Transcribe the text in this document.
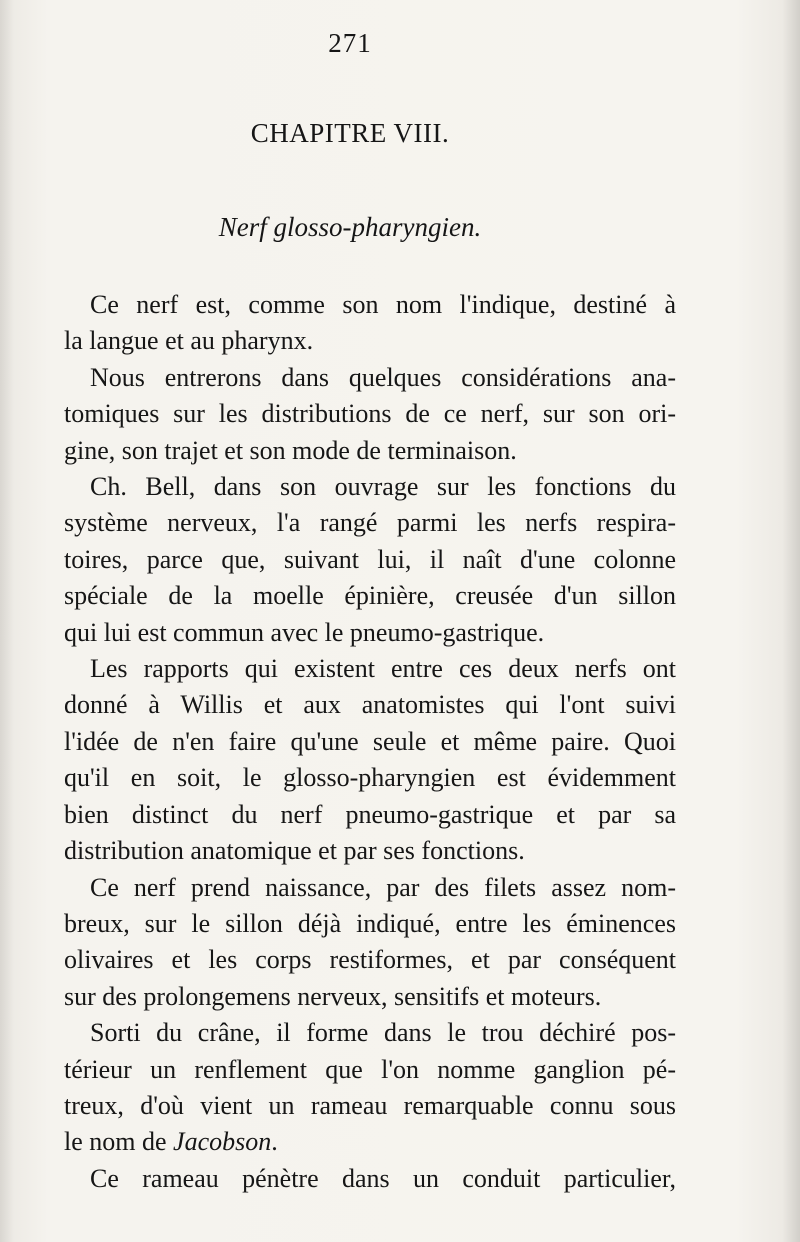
271
CHAPITRE VIII.
Nerf glosso-pharyngien.

Ce nerf est, comme son nom l'indique, destiné à
la langue et au pharynx.

Nous entrerons dans quelques considérations ana-
tomiques sur les distributions de ce nerf, sur son ori-
gine, son trajet et son mode de terminaison.

Ch. Bell, dans son ouvrage sur les fonctions du
système nerveux, l'a rangé parmi les nerfs respira-
toires, parce que, suivant lui, il naît d'une colonne
spéciale de la moelle épinière, creusée d'un sillon
qui lui est commun avec le pneumo-gastrique.

Les rapports qui existent entre ces deux nerfs ont
donné à Willis et aux anatomistes qui l'ont suivi
l'idée de n'en faire qu'une seule et même paire. Quoi
qu'il en soit, le glosso-pharyngien est évidemment
bien distinct du nerf pneumo-gastrique et par sa
distribution anatomique et par ses fonctions.

Ce nerf prend naissance, par des filets assez nom-
breux, sur le sillon déjà indiqué, entre les éminences
olivaires et les corps restiformes, et par conséquent
sur des prolongemens nerveux, sensitifs et moteurs.

Sorti du crâne, il forme dans le trou déchiré pos-
térieur un renflement que l'on nomme ganglion pé-
treux, d'où vient un rameau remarquable connu sous
le nom de Jacobson.

Ce rameau pénètre dans un conduit particulier,
